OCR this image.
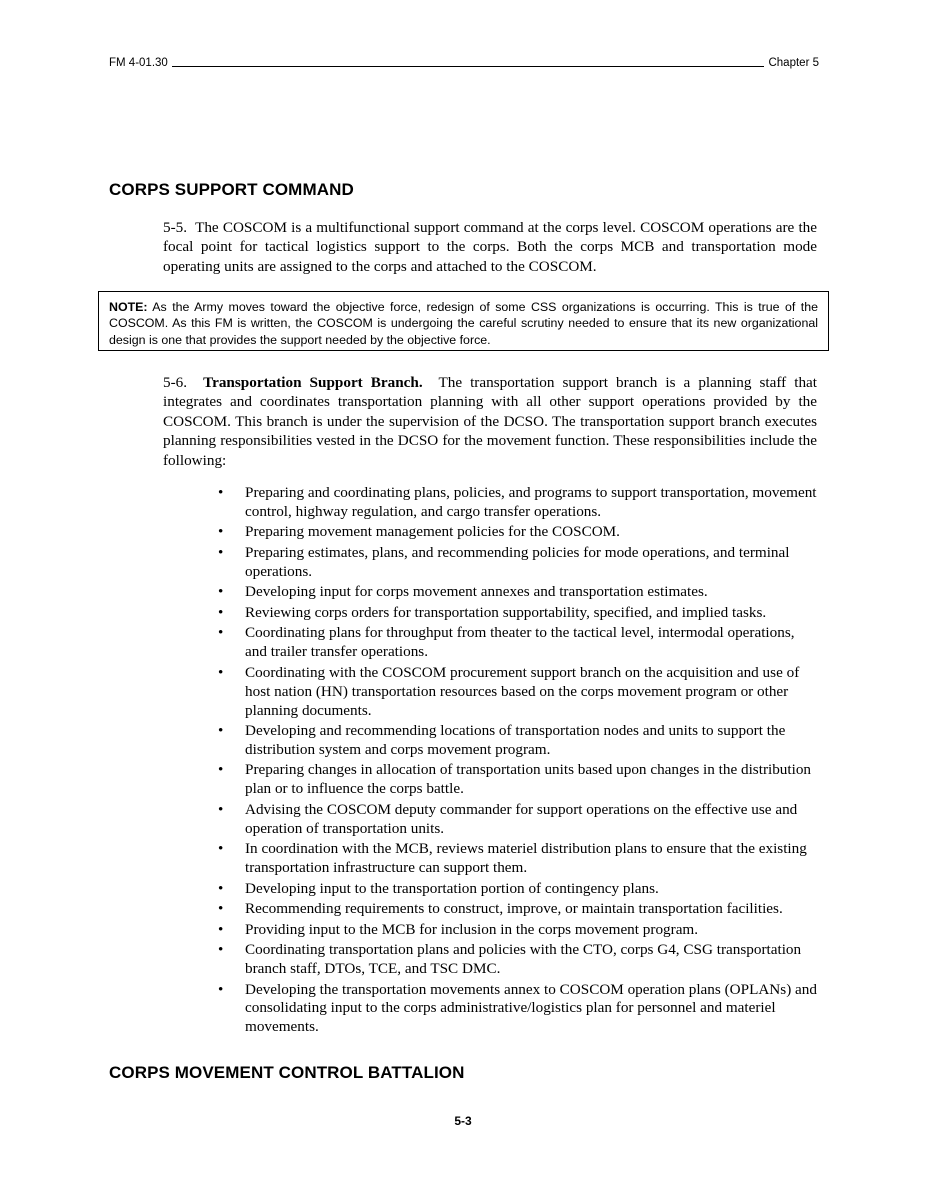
FM 4-01.30	Chapter 5
CORPS SUPPORT COMMAND

5-5. The COSCOM is a multifunctional support command at the corps level. COSCOM operations are the focal point for tactical logistics support to the corps. Both the corps MCB and transportation mode operating units are assigned to the corps and attached to the COSCOM.

NOTE: As the Army moves toward the objective force, redesign of some CSS organizations is occurring. This is true of the COSCOM. As this FM is written, the COSCOM is undergoing the careful scrutiny needed to ensure that its new organizational design is one that provides the support needed by the objective force.

5-6. Transportation Support Branch. The transportation support branch is a planning staff that integrates and coordinates transportation planning with all other support operations provided by the COSCOM. This branch is under the supervision of the DCSO. The transportation support branch executes planning responsibilities vested in the DCSO for the movement function. These responsibilities include the following:

• Preparing and coordinating plans, policies, and programs to support transportation, movement control, highway regulation, and cargo transfer operations.
• Preparing movement management policies for the COSCOM.
• Preparing estimates, plans, and recommending policies for mode operations, and terminal operations.
• Developing input for corps movement annexes and transportation estimates.
• Reviewing corps orders for transportation supportability, specified, and implied tasks.
• Coordinating plans for throughput from theater to the tactical level, intermodal operations, and trailer transfer operations.
• Coordinating with the COSCOM procurement support branch on the acquisition and use of host nation (HN) transportation resources based on the corps movement program or other planning documents.
• Developing and recommending locations of transportation nodes and units to support the distribution system and corps movement program.
• Preparing changes in allocation of transportation units based upon changes in the distribution plan or to influence the corps battle.
• Advising the COSCOM deputy commander for support operations on the effective use and operation of transportation units.
• In coordination with the MCB, reviews materiel distribution plans to ensure that the existing transportation infrastructure can support them.
• Developing input to the transportation portion of contingency plans.
• Recommending requirements to construct, improve, or maintain transportation facilities.
• Providing input to the MCB for inclusion in the corps movement program.
• Coordinating transportation plans and policies with the CTO, corps G4, CSG transportation branch staff, DTOs, TCE, and TSC DMC.
• Developing the transportation movements annex to COSCOM operation plans (OPLANs) and consolidating input to the corps administrative/logistics plan for personnel and materiel movements.
CORPS MOVEMENT CONTROL BATTALION
5-3
